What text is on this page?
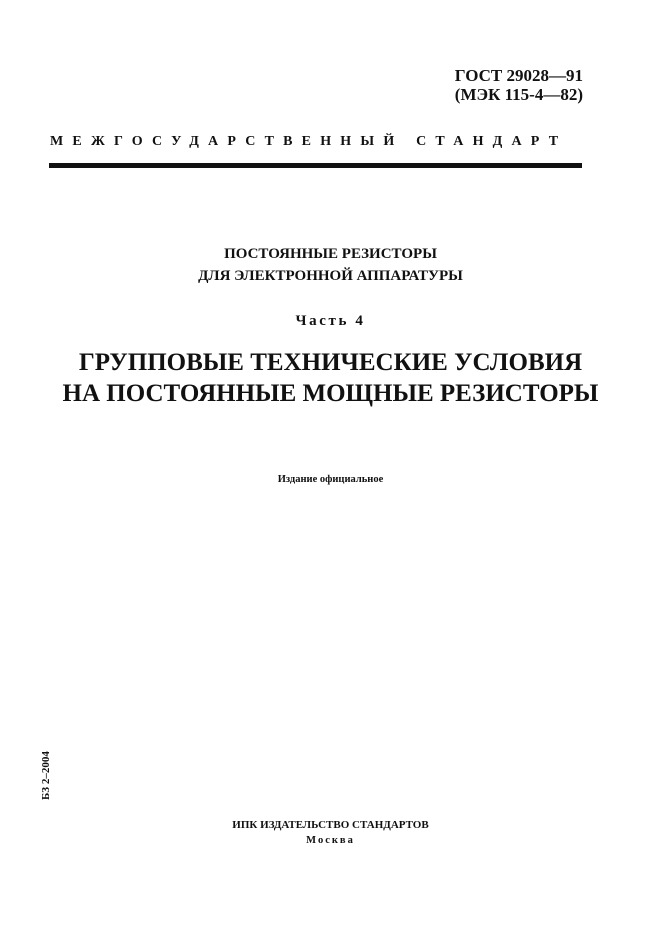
ГОСТ 29028—91
(МЭК 115-4—82)
МЕЖГОСУДАРСТВЕННЫЙ СТАНДАРТ
ПОСТОЯННЫЕ РЕЗИСТОРЫ
ДЛЯ ЭЛЕКТРОННОЙ АППАРАТУРЫ
Часть 4
ГРУППОВЫЕ ТЕХНИЧЕСКИЕ УСЛОВИЯ
НА ПОСТОЯННЫЕ МОЩНЫЕ РЕЗИСТОРЫ
Издание официальное
БЗ 2–2004
ИПК ИЗДАТЕЛЬСТВО СТАНДАРТОВ
Москва
